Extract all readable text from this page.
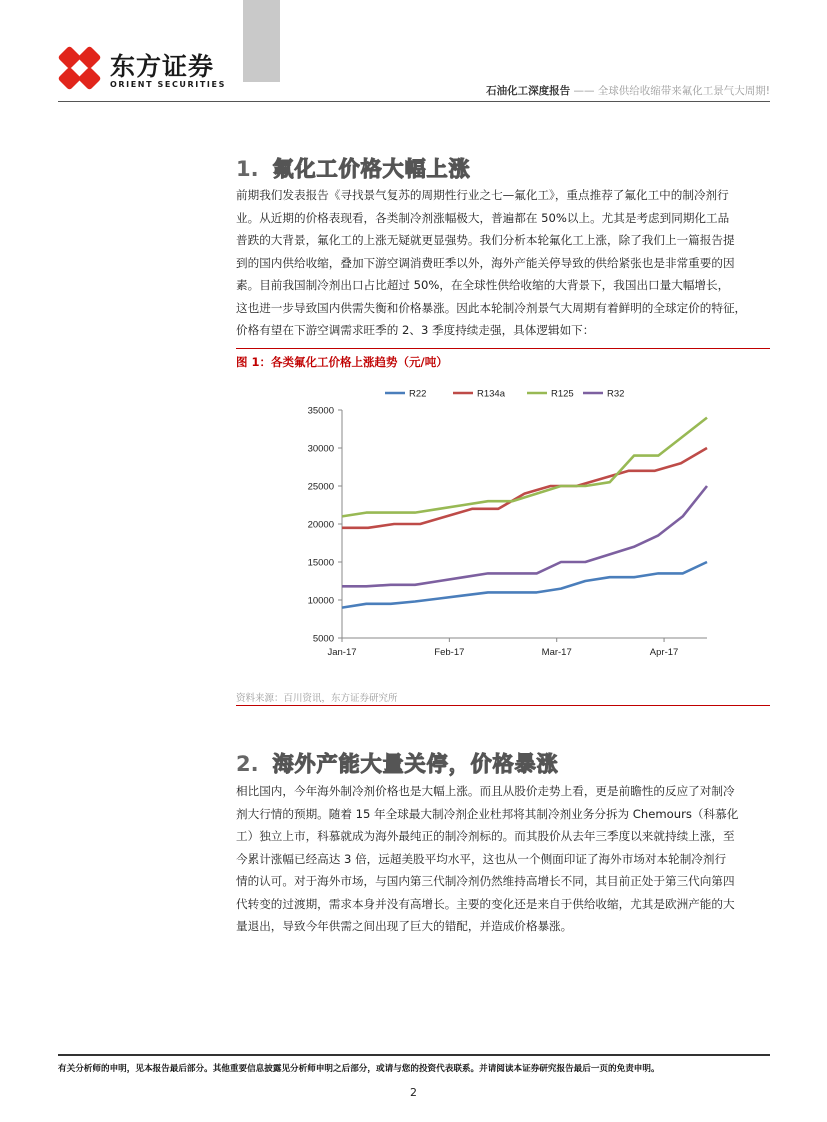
东方证券
ORIENT SECURITIES
石油化工深度报告 —— 全球供给收缩带来氟化工景气大周期!
1. 氟化工价格大幅上涨
前期我们发表报告《寻找景气复苏的周期性行业之七—氟化工》，重点推荐了氟化工中的制冷剂行
业。从近期的价格表现看，各类制冷剂涨幅极大，普遍都在 50%以上。尤其是考虑到同期化工品
普跌的大背景，氟化工的上涨无疑就更显强势。我们分析本轮氟化工上涨，除了我们上一篇报告提
到的国内供给收缩，叠加下游空调消费旺季以外，海外产能关停导致的供给紧张也是非常重要的因
素。目前我国制冷剂出口占比超过 50%，在全球性供给收缩的大背景下，我国出口量大幅增长，
这也进一步导致国内供需失衡和价格暴涨。因此本轮制冷剂景气大周期有着鲜明的全球定价的特征，
价格有望在下游空调需求旺季的 2、3 季度持续走强，具体逻辑如下：
图 1：各类氟化工价格上涨趋势（元/吨）
5000
10000
15000
20000
25000
30000
35000
Jan-17	Feb-17	Mar-17	Apr-17
R22	R134a	R125	R32
资料来源：百川资讯，东方证券研究所
2. 海外产能大量关停，价格暴涨
相比国内，今年海外制冷剂价格也是大幅上涨。而且从股价走势上看，更是前瞻性的反应了对制冷
剂大行情的预期。随着 15 年全球最大制冷剂企业杜邦将其制冷剂业务分拆为 Chemours（科慕化
工）独立上市，科慕就成为海外最纯正的制冷剂标的。而其股价从去年三季度以来就持续上涨，至
今累计涨幅已经高达 3 倍，远超美股平均水平，这也从一个侧面印证了海外市场对本轮制冷剂行
情的认可。对于海外市场，与国内第三代制冷剂仍然维持高增长不同，其目前正处于第三代向第四
代转变的过渡期，需求本身并没有高增长。主要的变化还是来自于供给收缩，尤其是欧洲产能的大
量退出，导致今年供需之间出现了巨大的错配，并造成价格暴涨。
有关分析师的申明，见本报告最后部分。其他重要信息披露见分析师申明之后部分，或请与您的投资代表联系。并请阅读本证券研究报告最后一页的免责申明。
2
